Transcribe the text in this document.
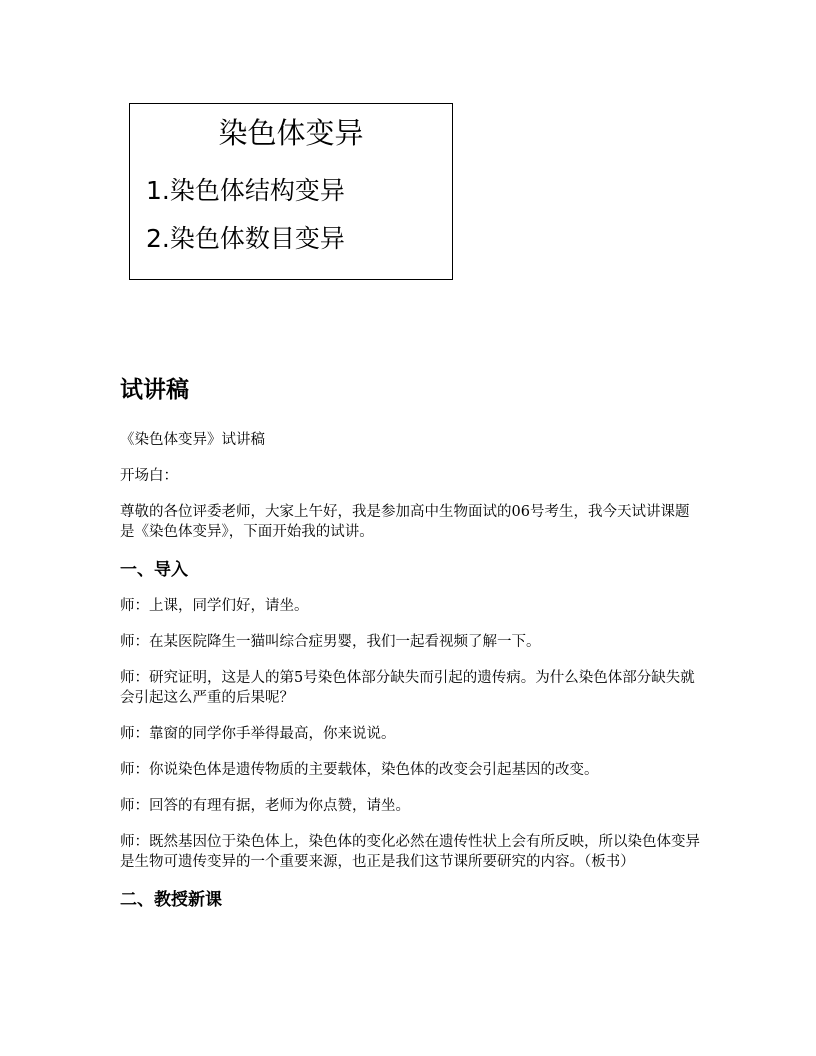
染色体变异
1.染色体结构变异
2.染色体数目变异
试讲稿

《染色体变异》试讲稿

开场白：

尊敬的各位评委老师，大家上午好，我是参加高中生物面试的06号考生，我今天试讲课题是《染色体变异》，下面开始我的试讲。

一、导入

师：上课，同学们好，请坐。

师：在某医院降生一猫叫综合症男婴，我们一起看视频了解一下。

师：研究证明，这是人的第5号染色体部分缺失而引起的遗传病。为什么染色体部分缺失就会引起这么严重的后果呢？

师：靠窗的同学你手举得最高，你来说说。

师：你说染色体是遗传物质的主要载体，染色体的改变会引起基因的改变。

师：回答的有理有据，老师为你点赞，请坐。

师：既然基因位于染色体上，染色体的变化必然在遗传性状上会有所反映，所以染色体变异是生物可遗传变异的一个重要来源，也正是我们这节课所要研究的内容。（板书）

二、教授新课
